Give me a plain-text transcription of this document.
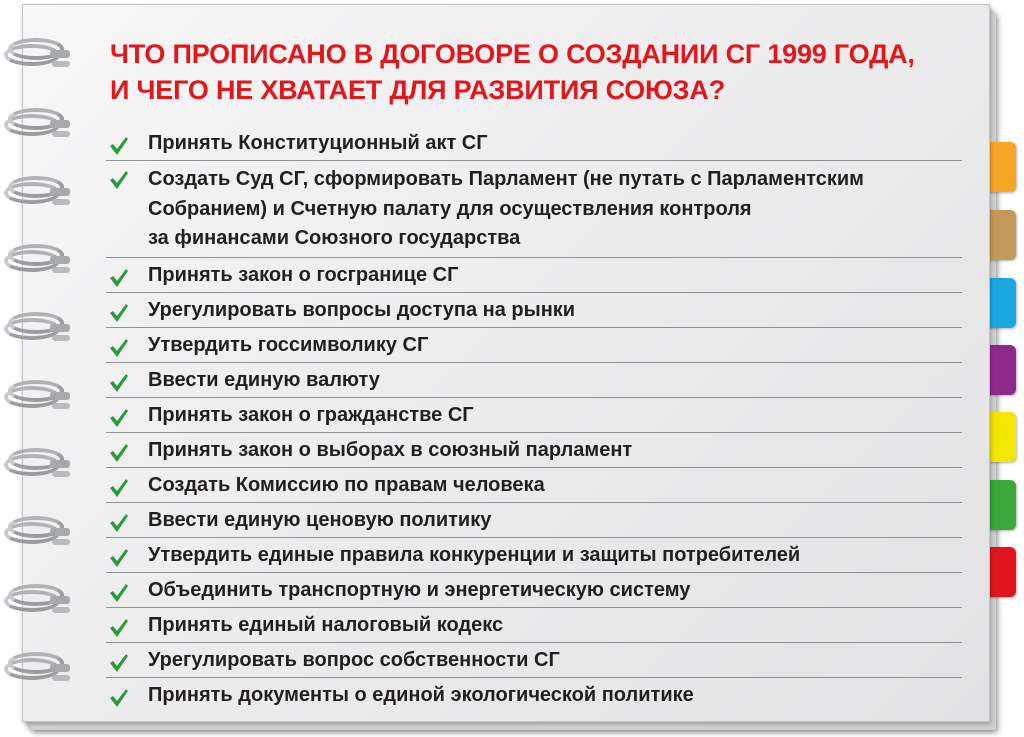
ЧТО ПРОПИСАНО В ДОГОВОРЕ О СОЗДАНИИ СГ 1999 ГОДА,
И ЧЕГО НЕ ХВАТАЕТ ДЛЯ РАЗВИТИЯ СОЮЗА?
Принять Конституционный акт СГ
Создать Суд СГ, сформировать Парламент (не путать с Парламентским
Собранием) и Счетную палату для осуществления контроля
за финансами Союзного государства
Принять закон о госгранице СГ
Урегулировать вопросы доступа на рынки
Утвердить госсимволику СГ
Ввести единую валюту
Принять закон о гражданстве СГ
Принять закон о выборах в союзный парламент
Создать Комиссию по правам человека
Ввести единую ценовую политику
Утвердить единые правила конкуренции и защиты потребителей
Объединить транспортную и энергетическую систему
Принять единый налоговый кодекс
Урегулировать вопрос собственности СГ
Принять документы о единой экологической политике
